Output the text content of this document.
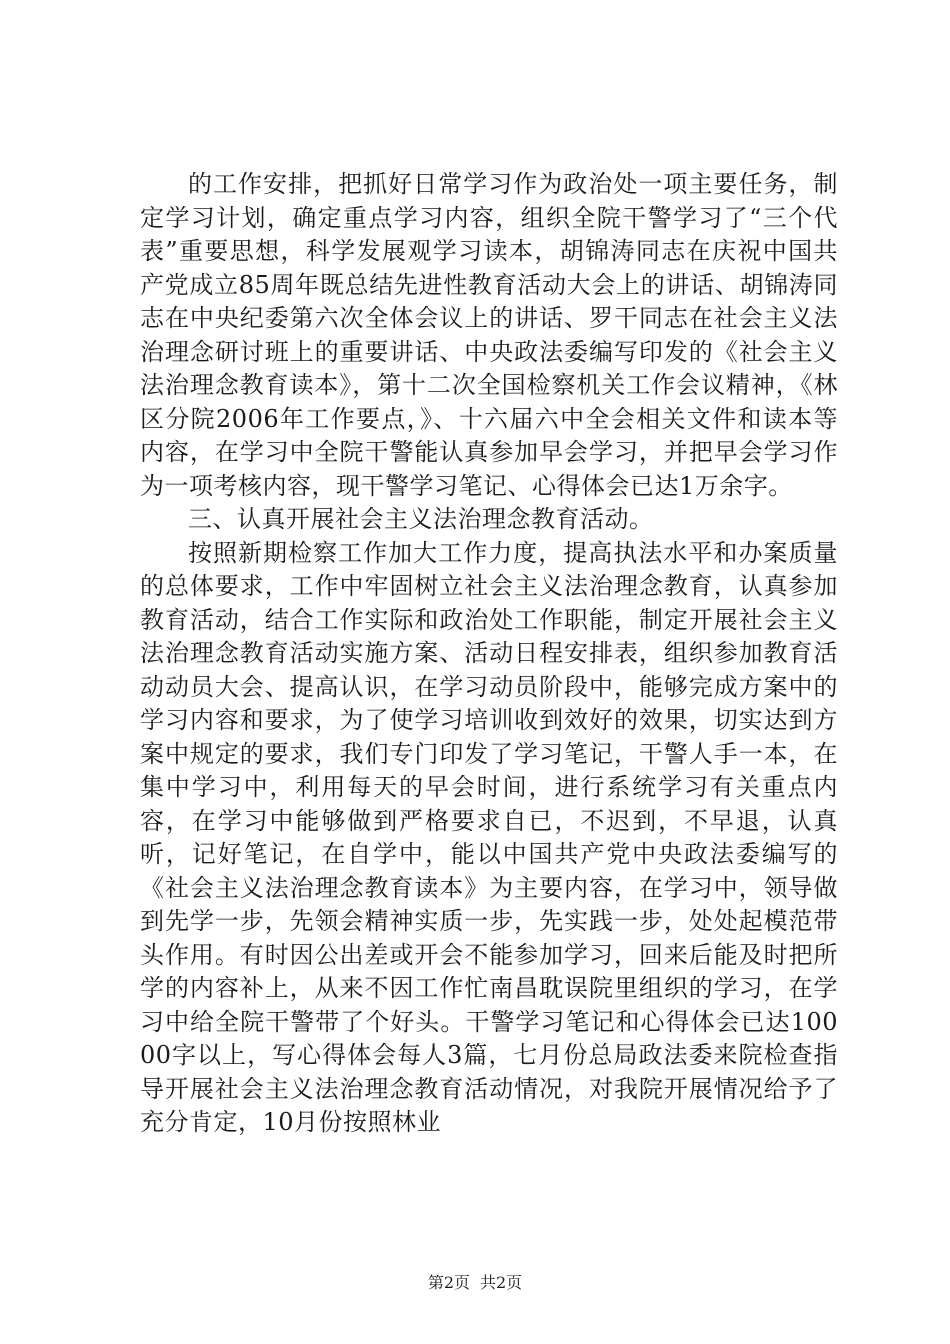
的工作安排，把抓好日常学习作为政治处一项主要任务，制定学习计划，确定重点学习内容，组织全院干警学习了“三个代表”重要思想，科学发展观学习读本，胡锦涛同志在庆祝中国共产党成立85周年既总结先进性教育活动大会上的讲话、胡锦涛同志在中央纪委第六次全体会议上的讲话、罗干同志在社会主义法治理念研讨班上的重要讲话、中央政法委编写印发的《社会主义法治理念教育读本》，第十二次全国检察机关工作会议精神，《林区分院2006年工作要点，》、十六届六中全会相关文件和读本等内容，在学习中全院干警能认真参加早会学习，并把早会学习作为一项考核内容，现干警学习笔记、心得体会已达1万余字。

三、认真开展社会主义法治理念教育活动。

按照新期检察工作加大工作力度，提高执法水平和办案质量的总体要求，工作中牢固树立社会主义法治理念教育，认真参加教育活动，结合工作实际和政治处工作职能，制定开展社会主义法治理念教育活动实施方案、活动日程安排表，组织参加教育活动动员大会、提高认识，在学习动员阶段中，能够完成方案中的学习内容和要求，为了使学习培训收到效好的效果，切实达到方案中规定的要求，我们专门印发了学习笔记，干警人手一本，在集中学习中，利用每天的早会时间，进行系统学习有关重点内容，在学习中能够做到严格要求自已，不迟到，不早退，认真听，记好笔记，在自学中，能以中国共产党中央政法委编写的《社会主义法治理念教育读本》为主要内容，在学习中，领导做到先学一步，先领会精神实质一步，先实践一步，处处起模范带头作用。有时因公出差或开会不能参加学习，回来后能及时把所学的内容补上，从来不因工作忙南昌耽误院里组织的学习，在学习中给全院干警带了个好头。干警学习笔记和心得体会已达10000字以上，写心得体会每人3篇，七月份总局政法委来院检查指导开展社会主义法治理念教育活动情况，对我院开展情况给予了充分肯定，10月份按照林业

第2页 共2页
